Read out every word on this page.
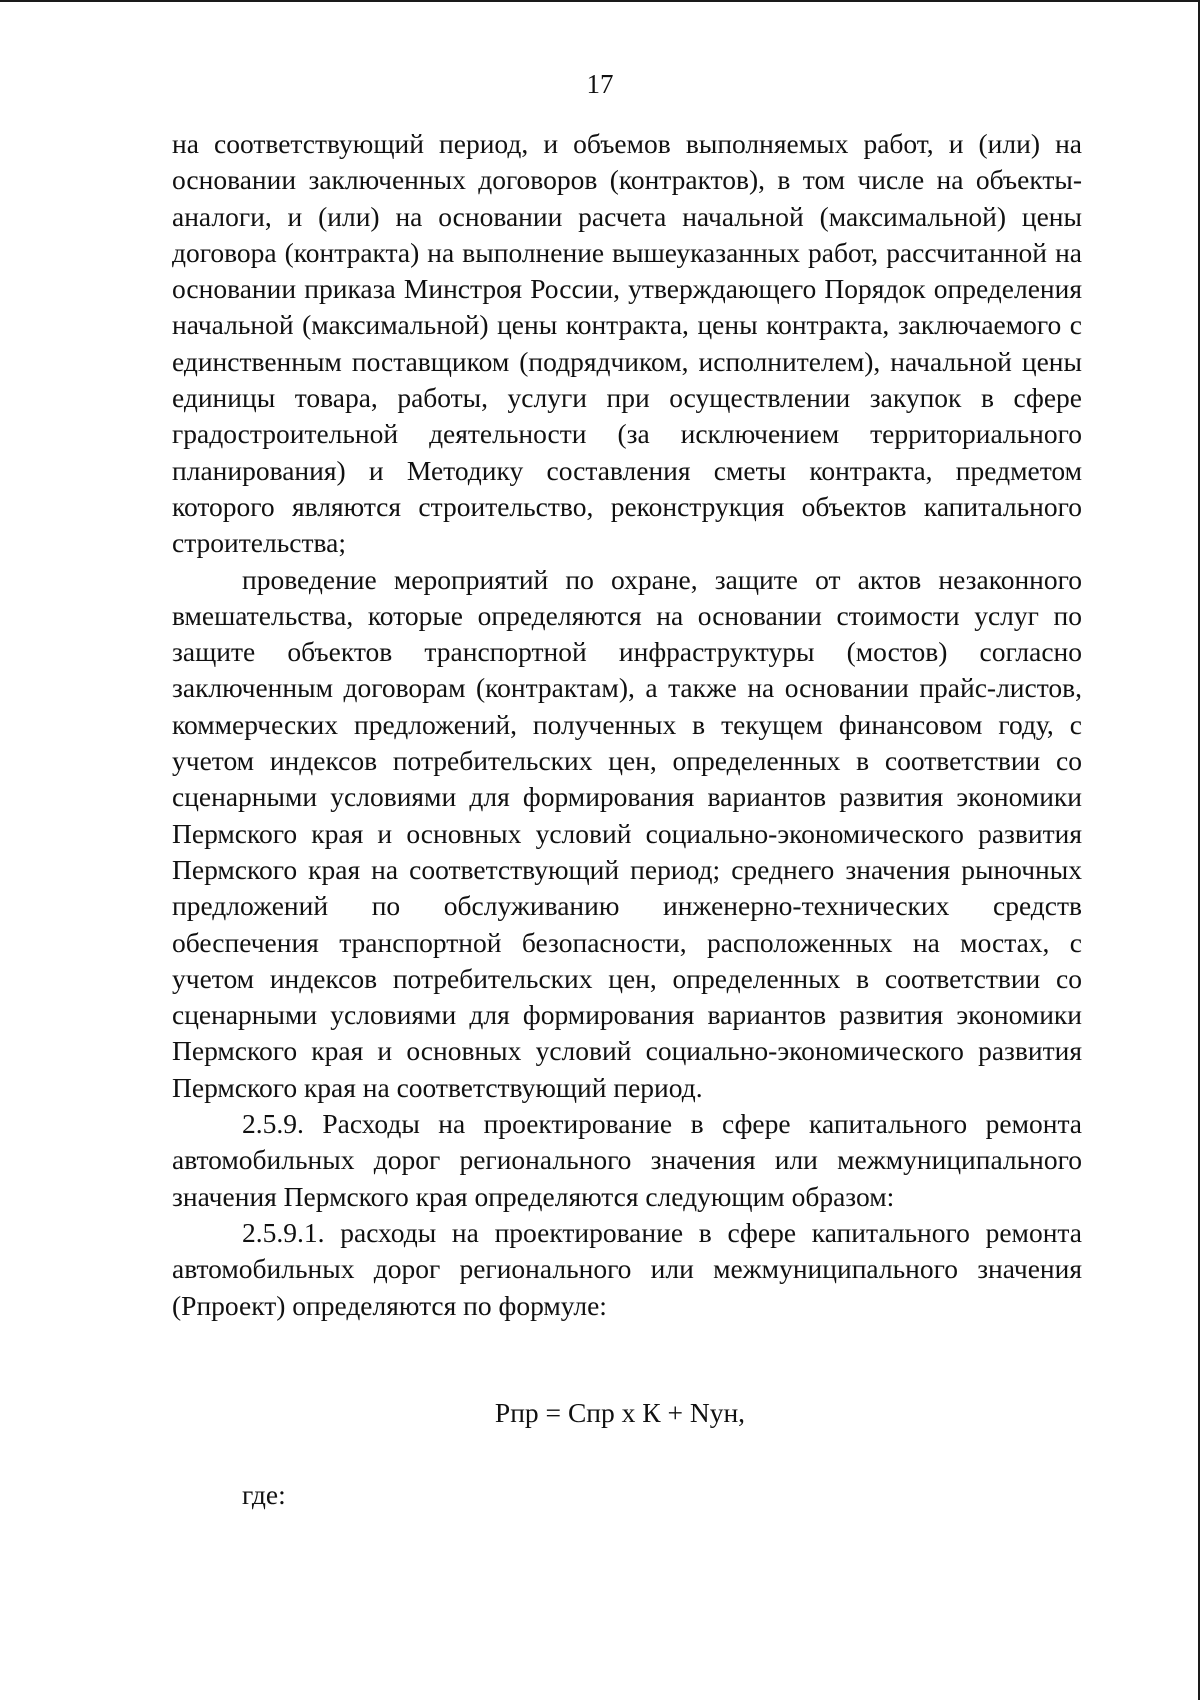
17

на соответствующий период, и объемов выполняемых работ, и (или) на основании заключенных договоров (контрактов), в том числе на объекты-аналоги, и (или) на основании расчета начальной (максимальной) цены договора (контракта) на выполнение вышеуказанных работ, рассчитанной на основании приказа Минстроя России, утверждающего Порядок определения начальной (максимальной) цены контракта, цены контракта, заключаемого с единственным поставщиком (подрядчиком, исполнителем), начальной цены единицы товара, работы, услуги при осуществлении закупок в сфере градостроительной деятельности (за исключением территориального планирования) и Методику составления сметы контракта, предметом которого являются строительство, реконструкция объектов капитального строительства;

проведение мероприятий по охране, защите от актов незаконного вмешательства, которые определяются на основании стоимости услуг по защите объектов транспортной инфраструктуры (мостов) согласно заключенным договорам (контрактам), а также на основании прайс-листов, коммерческих предложений, полученных в текущем финансовом году, с учетом индексов потребительских цен, определенных в соответствии со сценарными условиями для формирования вариантов развития экономики Пермского края и основных условий социально-экономического развития Пермского края на соответствующий период; среднего значения рыночных предложений по обслуживанию инженерно-технических средств обеспечения транспортной безопасности, расположенных на мостах, с учетом индексов потребительских цен, определенных в соответствии со сценарными условиями для формирования вариантов развития экономики Пермского края и основных условий социально-экономического развития Пермского края на соответствующий период.

2.5.9. Расходы на проектирование в сфере капитального ремонта автомобильных дорог регионального значения или межмуниципального значения Пермского края определяются следующим образом:

2.5.9.1. расходы на проектирование в сфере капитального ремонта автомобильных дорог регионального или межмуниципального значения (Рпроект) определяются по формуле:

Рпр = Спр х К + Nун,
где:
